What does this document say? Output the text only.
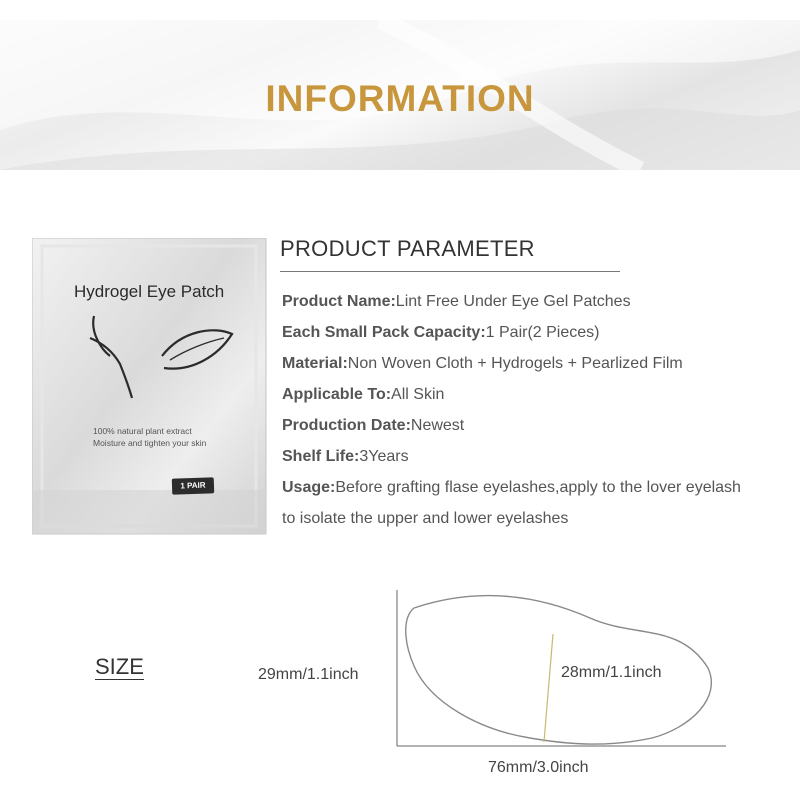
INFORMATION
Hydrogel Eye Patch
100% natural plant extract
Moisture and tighten your skin
1 PAIR
PRODUCT PARAMETER
Product Name:Lint Free Under Eye Gel Patches
Each Small Pack Capacity:1 Pair(2 Pieces)
Material:Non Woven Cloth + Hydrogels + Pearlized Film
Applicable To:All Skin
Production Date:Newest
Shelf Life:3Years
Usage:Before grafting flase eyelashes,apply to the lover eyelash to isolate the upper and lower eyelashes
SIZE	29mm/1.1inch	28mm/1.1inch
76mm/3.0inch
